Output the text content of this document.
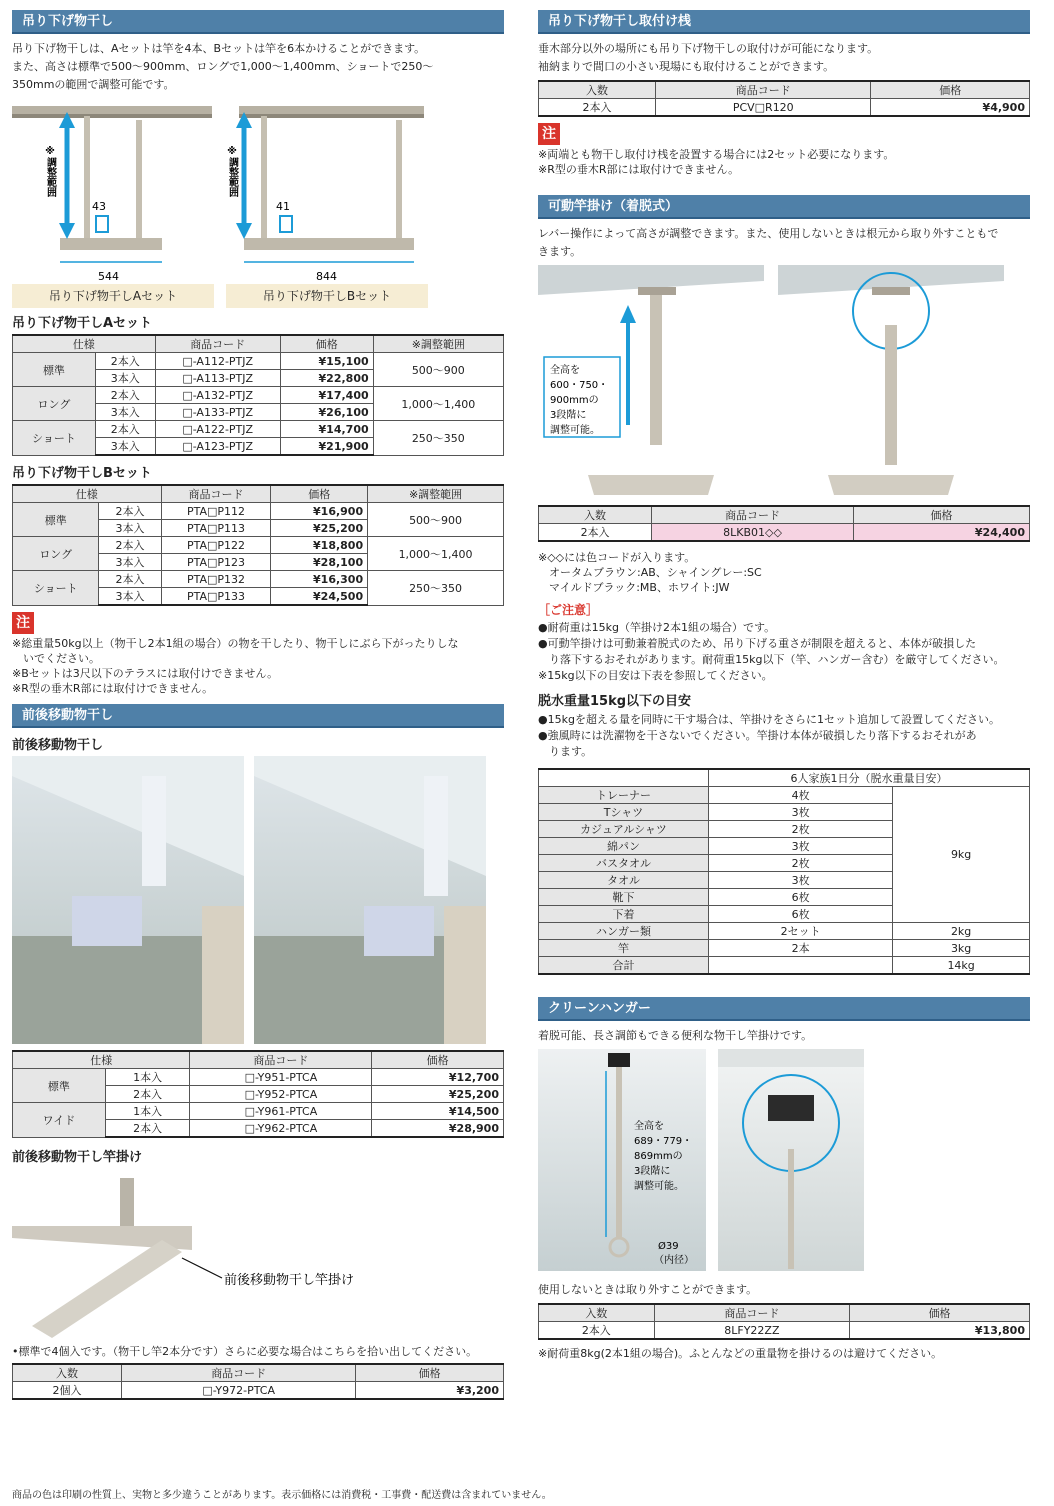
吊り下げ物干し
吊り下げ物干しは、Aセットは竿を4本、Bセットは竿を6本かけることができます。
また、高さは標準で500〜900mm、ロングで1,000〜1,400mm、ショートで250〜
350mmの範囲で調整可能です。
※調整範囲
43
544
※調整範囲
41
844
吊り下げ物干しAセット	吊り下げ物干しBセット
吊り下げ物干しAセット
仕様		商品コード	価格	※調整範囲
標準	2本入	□-A112-PTJZ	¥15,100	500〜900
	3本入	□-A113-PTJZ	¥22,800	
ロング	2本入	□-A132-PTJZ	¥17,400	1,000〜1,400
	3本入	□-A133-PTJZ	¥26,100	
ショート	2本入	□-A122-PTJZ	¥14,700	250〜350
	3本入	□-A123-PTJZ	¥21,900	
吊り下げ物干しBセット
仕様		商品コード	価格	※調整範囲
標準	2本入	PTA□P112	¥16,900	500〜900
	3本入	PTA□P113	¥25,200	
ロング	2本入	PTA□P122	¥18,800	1,000〜1,400
	3本入	PTA□P123	¥28,100	
ショート	2本入	PTA□P132	¥16,300	250〜350
	3本入	PTA□P133	¥24,500	
注
※総重量50kg以上（物干し2本1組の場合）の物を干したり、物干しにぶら下がったりしな
　いでください。
※Bセットは3尺以下のテラスには取付けできません。
※R型の垂木R部には取付けできません。
前後移動物干し
前後移動物干し
仕様		商品コード	価格
標準	1本入	□-Y951-PTCA	¥12,700
	2本入	□-Y952-PTCA	¥25,200
ワイド	1本入	□-Y961-PTCA	¥14,500
	2本入	□-Y962-PTCA	¥28,900
前後移動物干し竿掛け
前後移動物干し竿掛け
•標準で4個入です。（物干し竿2本分です）さらに必要な場合はこちらを拾い出してください。
入数	商品コード	価格
2個入	□-Y972-PTCA	¥3,200
吊り下げ物干し取付け桟
垂木部分以外の場所にも吊り下げ物干しの取付けが可能になります。
袖納まりで間口の小さい現場にも取付けることができます。
入数	商品コード	価格
2本入	PCV□R120	¥4,900
注
※両端とも物干し取付け桟を設置する場合には2セット必要になります。
※R型の垂木R部には取付けできません。
可動竿掛け（着脱式）
レバー操作によって高さが調整できます。また、使用しないときは根元から取り外すこともで
きます。
全高を
600・750・
900mmの
3段階に
調整可能。
入数	商品コード	価格
2本入	8LKB01◇◇	¥24,400
※◇◇には色コードが入ります。
　オータムブラウン:AB、シャイングレー:SC
　マイルドブラック:MB、ホワイト:JW
［ご注意］
●耐荷重は15kg（竿掛け2本1組の場合）です。
●可動竿掛けは可動兼着脱式のため、吊り下げる重さが制限を超えると、本体が破損した
　り落下するおそれがあります。耐荷重15kg以下（竿、ハンガー含む）を厳守してください。
※15kg以下の目安は下表を参照してください。
脱水重量15kg以下の目安
●15kgを超える量を同時に干す場合は、竿掛けをさらに1セット追加して設置してください。
●強風時には洗濯物を干さないでください。竿掛け本体が破損したり落下するおそれがあ
　ります。
	6人家族1日分（脱水重量目安）	
トレーナー	4枚	9kg
Tシャツ	3枚	
カジュアルシャツ	2枚	
綿パン	3枚	
バスタオル	2枚	
タオル	3枚	
靴下	6枚	
下着	6枚	
ハンガー類	2セット	2kg
竿	2本	3kg
合計		14kg
クリーンハンガー
着脱可能、長さ調節もできる便利な物干し竿掛けです。
全高を
689・779・
869mmの
3段階に
調整可能。
Ø39
（内径）
使用しないときは取り外すことができます。
入数	商品コード	価格
2本入	8LFY22ZZ	¥13,800
※耐荷重8kg(2本1組の場合)。ふとんなどの重量物を掛けるのは避けてください。
商品の色は印刷の性質上、実物と多少違うことがあります。表示価格には消費税・工事費・配送費は含まれていません。
